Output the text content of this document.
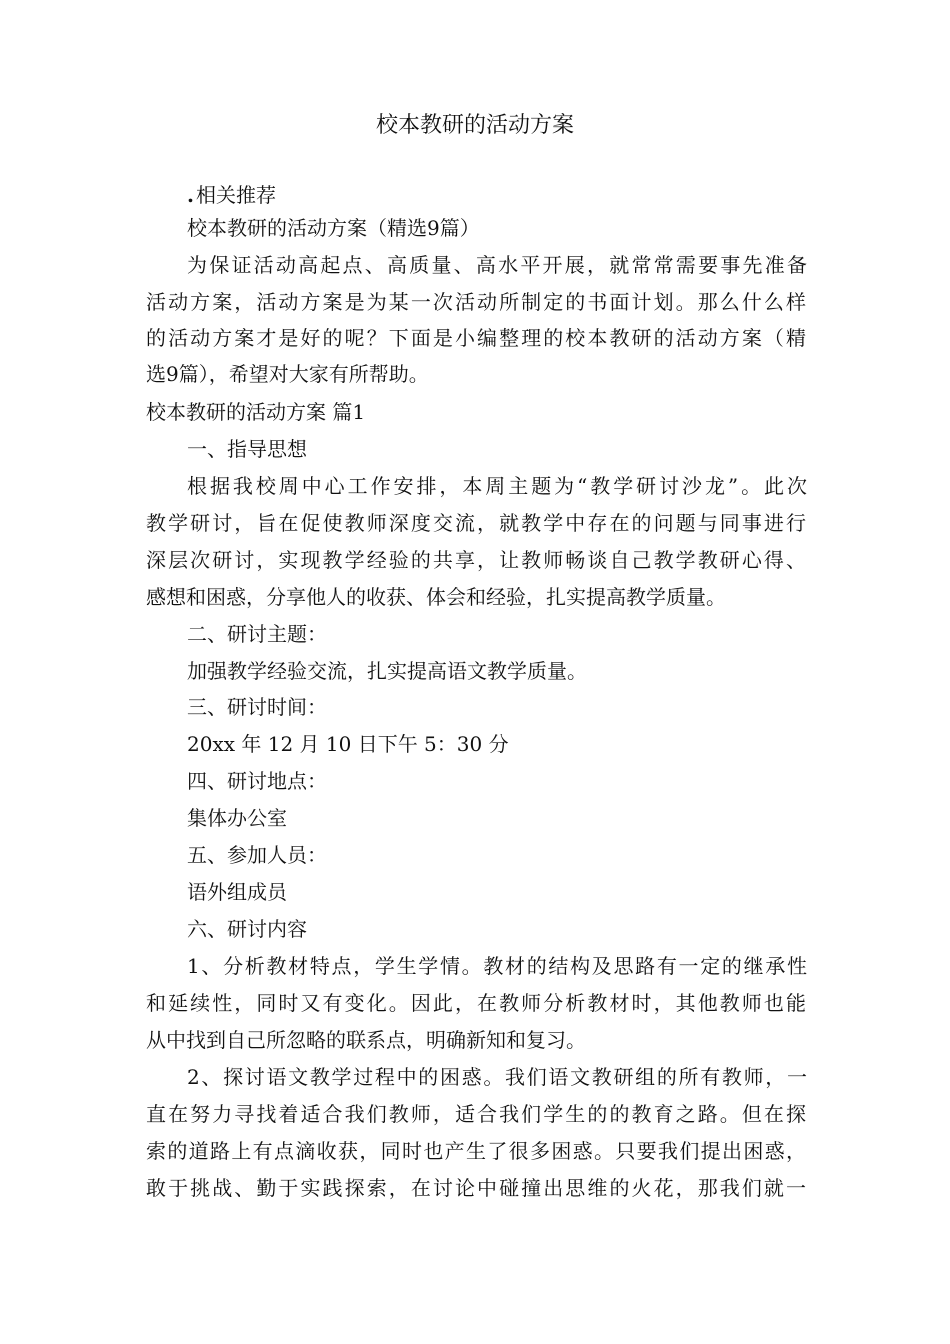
校本教研的活动方案
. 相关推荐
校本教研的活动方案（精选9篇）
为保证活动高起点、高质量、高水平开展，就常常需要事先准备
活动方案，活动方案是为某一次活动所制定的书面计划。那么什么样
的活动方案才是好的呢？下面是小编整理的校本教研的活动方案（精
选9篇），希望对大家有所帮助。
校本教研的活动方案 篇1
一、指导思想
根据我校周中心工作安排，本周主题为“教学研讨沙龙”。此次
教学研讨，旨在促使教师深度交流，就教学中存在的问题与同事进行
深层次研讨，实现教学经验的共享，让教师畅谈自己教学教研心得、
感想和困惑，分享他人的收获、体会和经验，扎实提高教学质量。
二、研讨主题：
加强教学经验交流，扎实提高语文教学质量。
三、研讨时间：
20xx 年 12 月 10 日下午 5：30 分
四、研讨地点：
集体办公室
五、参加人员：
语外组成员
六、研讨内容
1、分析教材特点，学生学情。教材的结构及思路有一定的继承性
和延续性，同时又有变化。因此，在教师分析教材时，其他教师也能
从中找到自己所忽略的联系点，明确新知和复习。
2、探讨语文教学过程中的困惑。我们语文教研组的所有教师，一
直在努力寻找着适合我们教师，适合我们学生的的教育之路。但在探
索的道路上有点滴收获，同时也产生了很多困惑。只要我们提出困惑，
敢于挑战、勤于实践探索，在讨论中碰撞出思维的火花，那我们就一
